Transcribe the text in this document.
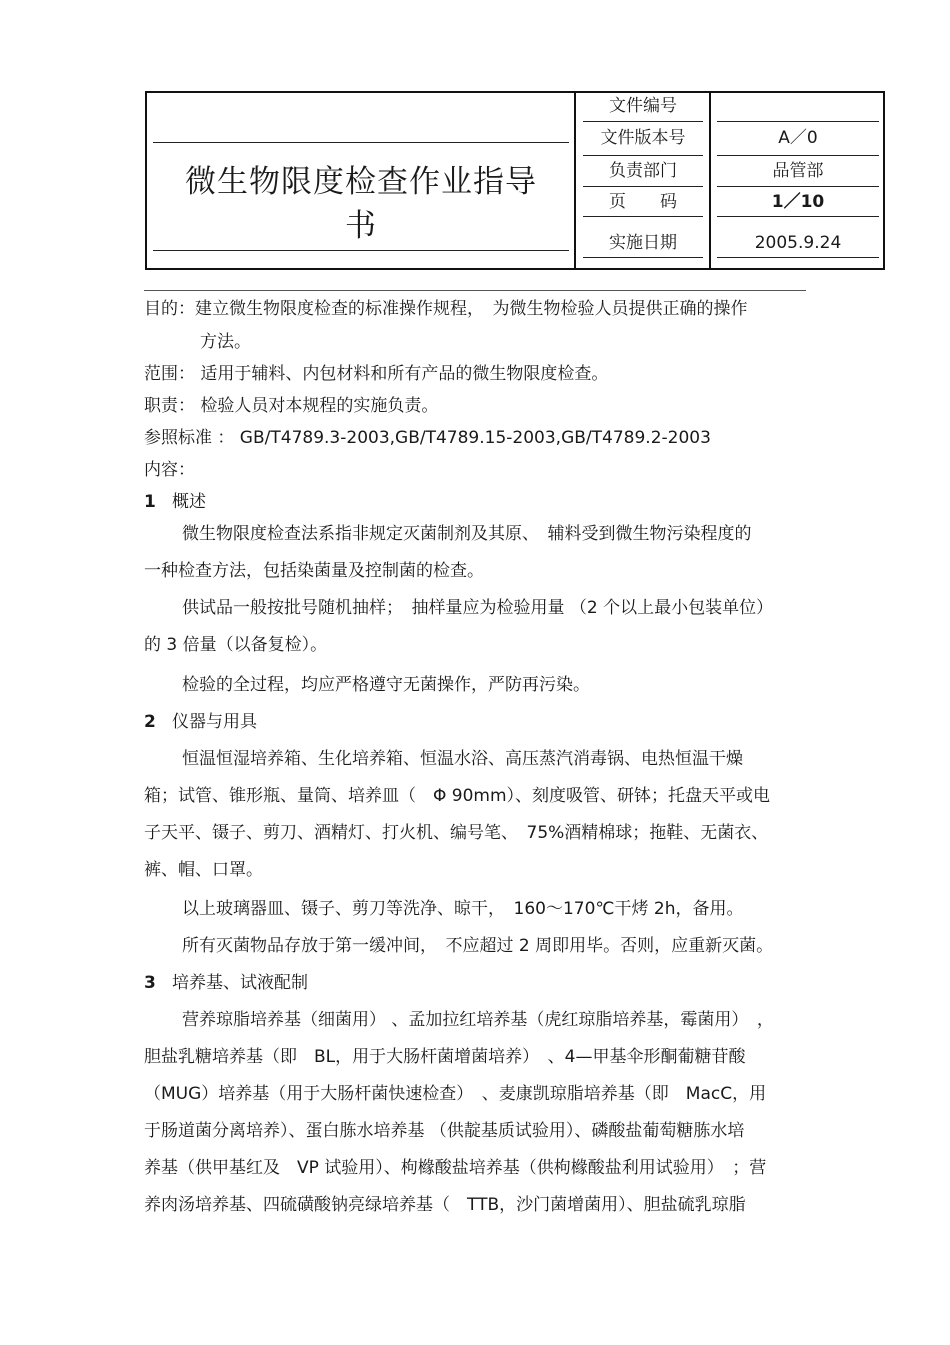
微生物限度检查作业指导
书
文件编号
文件版本号	A／0
负责部门	品管部
页　　码	1／10
实施日期	2005.9.24
目的：建立微生物限度检查的标准操作规程，　为微生物检验人员提供正确的操作
方法。
范围： 适用于辅料、内包材料和所有产品的微生物限度检查。
职责： 检验人员对本规程的实施负责。
参照标准 ： GB/T4789.3-2003,GB/T4789.15-2003,GB/T4789.2-2003
内容：
1 概述
微生物限度检查法系指非规定灭菌制剂及其原、　辅料受到微生物污染程度的
一种检查方法，包括染菌量及控制菌的检查。
供试品一般按批号随机抽样；　抽样量应为检验用量 （2 个以上最小包装单位）
的 3 倍量（以备复检）。
检验的全过程，均应严格遵守无菌操作，严防再污染。
2 仪器与用具
恒温恒湿培养箱、生化培养箱、恒温水浴、高压蒸汽消毒锅、电热恒温干燥
箱；试管、锥形瓶、量筒、培养皿（　Φ 90mm）、刻度吸管、研钵；托盘天平或电
子天平、镊子、剪刀、酒精灯、打火机、编号笔、　75%酒精棉球；拖鞋、无菌衣、
裤、帽、口罩。
以上玻璃器皿、镊子、剪刀等洗净、晾干，　160～170℃干烤 2h，备用。
所有灭菌物品存放于第一缓冲间，　不应超过 2 周即用毕。否则，应重新灭菌。
3 培养基、试液配制
营养琼脂培养基（细菌用） 、孟加拉红培养基（虎红琼脂培养基，霉菌用）　，
胆盐乳糖培养基（即　BL，用于大肠杆菌增菌培养）　、4—甲基伞形酮葡糖苷酸
（MUG）培养基（用于大肠杆菌快速检查）　、麦康凯琼脂培养基（即　MacC，用
于肠道菌分离培养）、蛋白胨水培养基 （供靛基质试验用）、磷酸盐葡萄糖胨水培
养基（供甲基红及　VP 试验用）、枸橼酸盐培养基（供枸橼酸盐利用试验用）　；营
养肉汤培养基、四硫磺酸钠亮绿培养基（　TTB，沙门菌增菌用）、胆盐硫乳琼脂
